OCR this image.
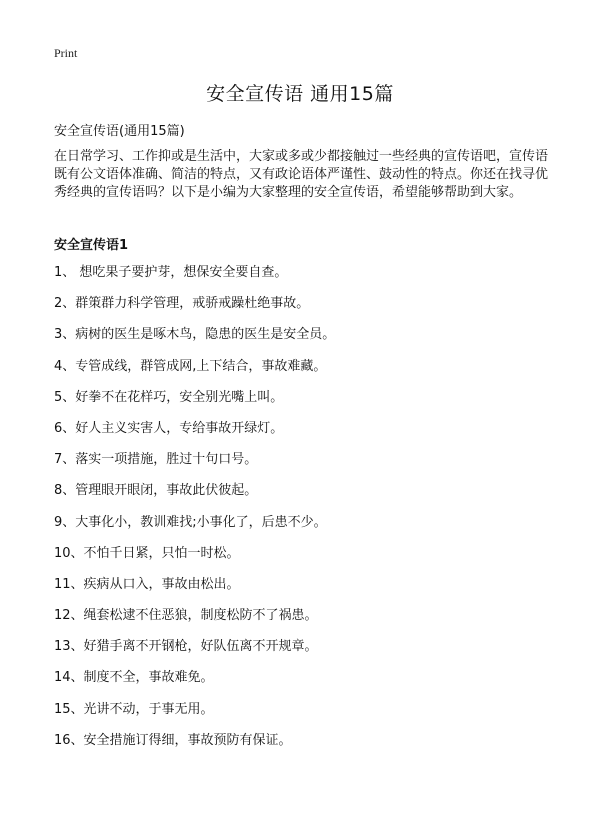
Print
安全宣传语 通用15篇
安全宣传语(通用15篇)

在日常学习、工作抑或是生活中，大家或多或少都接触过一些经典的宣传语吧，宣传语既有公文语体准确、简洁的特点，又有政论语体严谨性、鼓动性的特点。你还在找寻优秀经典的宣传语吗？以下是小编为大家整理的安全宣传语，希望能够帮助到大家。

安全宣传语1
1、 想吃果子要护芽，想保安全要自查。
2、群策群力科学管理，戒骄戒躁杜绝事故。
3、病树的医生是啄木鸟，隐患的医生是安全员。
4、专管成线，群管成网,上下结合，事故难藏。
5、好拳不在花样巧，安全别光嘴上叫。
6、好人主义实害人，专给事故开绿灯。
7、落实一项措施，胜过十句口号。
8、管理眼开眼闭，事故此伏彼起。
9、大事化小，教训难找;小事化了，后患不少。
10、不怕千日紧，只怕一时松。
11、疾病从口入，事故由松出。
12、绳套松逮不住恶狼，制度松防不了祸患。
13、好猎手离不开钢枪，好队伍离不开规章。
14、制度不全，事故难免。
15、光讲不动，于事无用。
16、安全措施订得细，事故预防有保证。
